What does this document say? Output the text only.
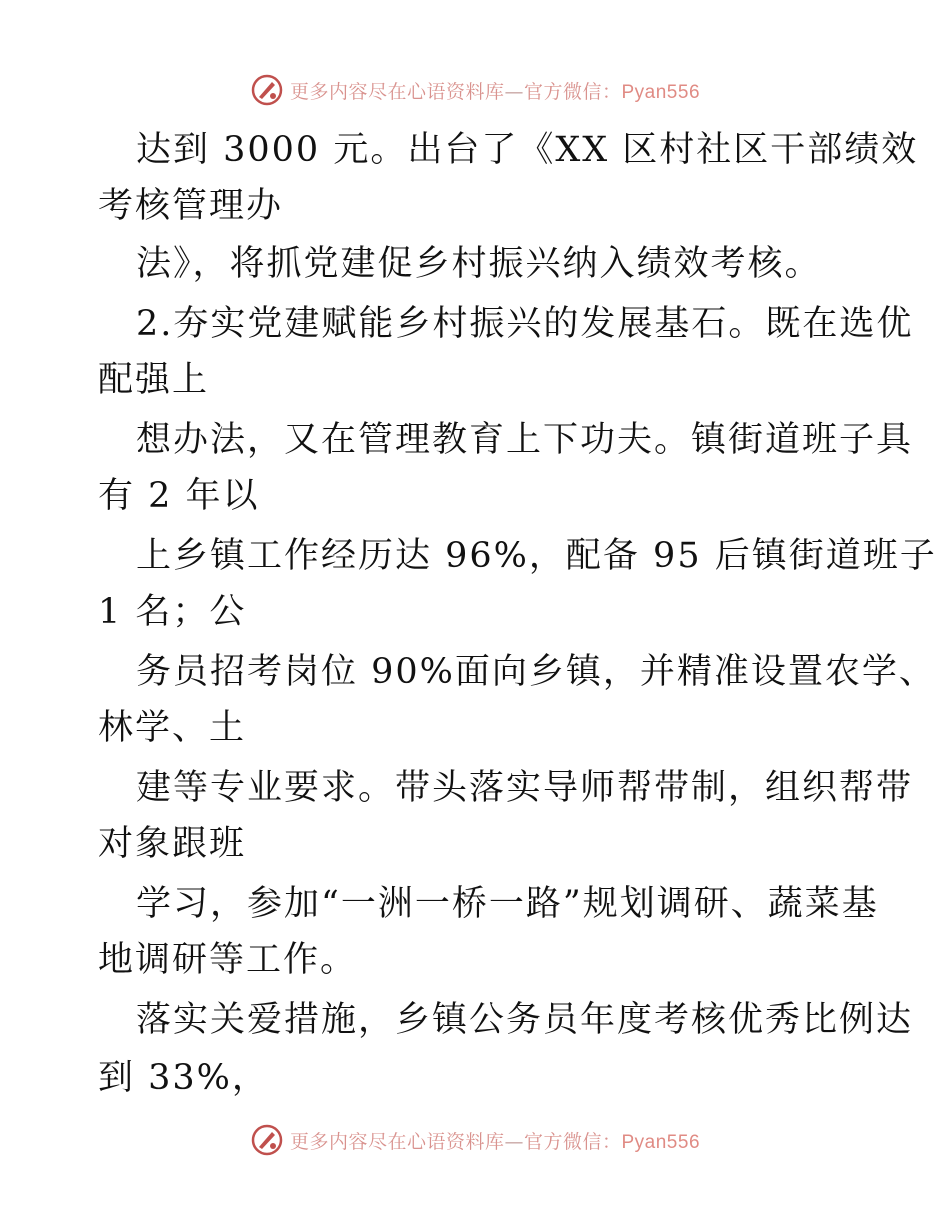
更多内容尽在心语资料库—官方微信：Pyan556
达到 3000 元。出台了《XX 区村社区干部绩效
考核管理办
法》，将抓党建促乡村振兴纳入绩效考核。
2.夯实党建赋能乡村振兴的发展基石。既在选优
配强上
想办法，又在管理教育上下功夫。镇街道班子具
有 2 年以
上乡镇工作经历达 96%，配备 95 后镇街道班子
1 名；公
务员招考岗位 90%面向乡镇，并精准设置农学、
林学、土
建等专业要求。带头落实导师帮带制，组织帮带
对象跟班
学习，参加“一洲一桥一路”规划调研、蔬菜基
地调研等工作。
落实关爱措施，乡镇公务员年度考核优秀比例达
到 33%，
更多内容尽在心语资料库—官方微信：Pyan556
